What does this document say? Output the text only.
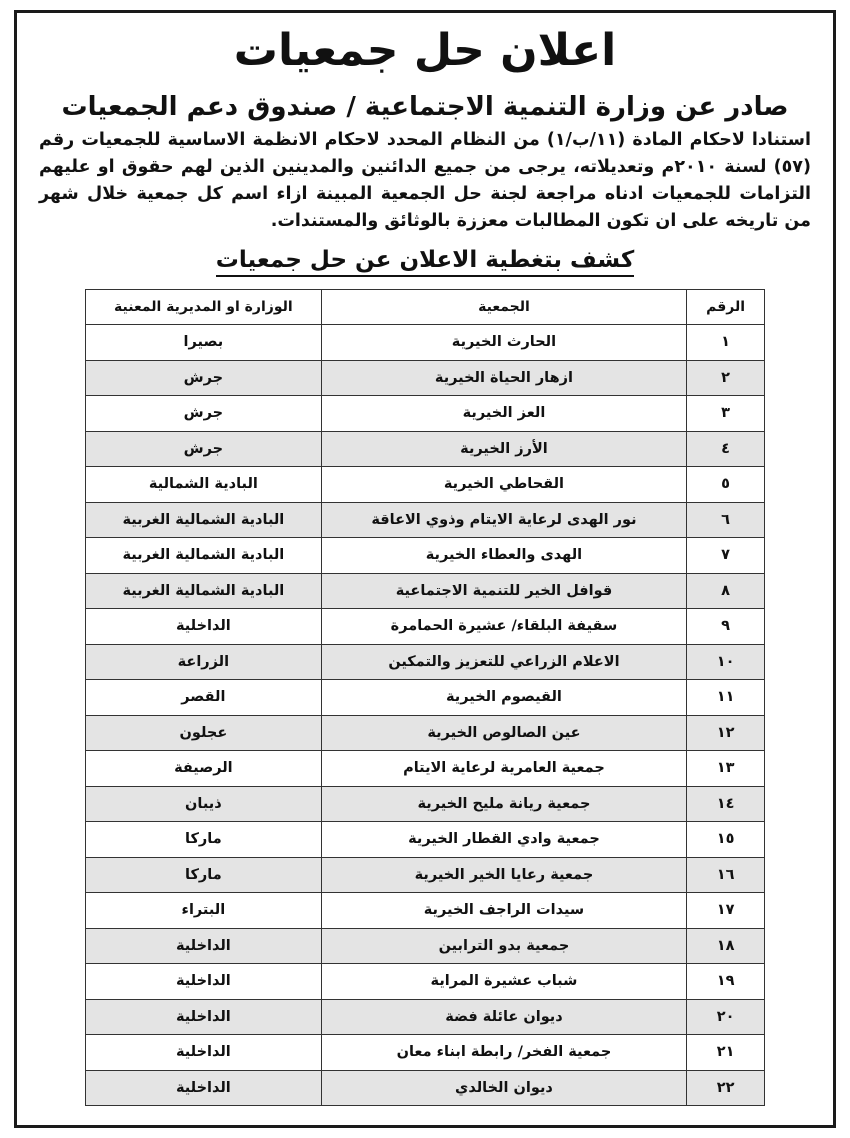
اعلان حل جمعيات
صادر عن وزارة التنمية الاجتماعية / صندوق دعم الجمعيات

استنادا لاحكام المادة (١١/ب/١) من النظام المحدد لاحكام الانظمة الاساسية للجمعيات رقم (٥٧) لسنة ٢٠١٠م وتعديلاته، يرجى من جميع الدائنين والمدينين الذين لهم حقوق او عليهم التزامات للجمعيات ادناه مراجعة لجنة حل الجمعية المبينة ازاء اسم كل جمعية خلال شهر من تاريخه على ان تكون المطالبات معززة بالوثائق والمستندات.

كشف بتغطية الاعلان عن حل جمعيات
الرقم	الجمعية	الوزارة او المديرية المعنية
١	الحارث الخيرية	بصيرا
٢	ازهار الحياة الخيرية	جرش
٣	العز الخيرية	جرش
٤	الأرز الخيرية	جرش
٥	القحاطي الخيرية	البادية الشمالية
٦	نور الهدى لرعاية الايتام وذوي الاعاقة	البادية الشمالية الغربية
٧	الهدى والعطاء الخيرية	البادية الشمالية الغربية
٨	قوافل الخير للتنمية الاجتماعية	البادية الشمالية الغربية
٩	سقيفة البلقاء/ عشيرة الحمامرة	الداخلية
١٠	الاعلام الزراعي للتعزيز والتمكين	الزراعة
١١	القيصوم الخيرية	القصر
١٢	عين الصالوص الخيرية	عجلون
١٣	جمعية العامرية لرعاية الايتام	الرصيفة
١٤	جمعية ريانة مليح الخيرية	ذيبان
١٥	جمعية وادي القطار الخيرية	ماركا
١٦	جمعية رعايا الخير الخيرية	ماركا
١٧	سيدات الراجف الخيرية	البتراء
١٨	جمعية بدو الترابين	الداخلية
١٩	شباب عشيرة المراية	الداخلية
٢٠	ديوان عائلة فضة	الداخلية
٢١	جمعية الفخر/ رابطة ابناء معان	الداخلية
٢٢	ديوان الخالدي	الداخلية
